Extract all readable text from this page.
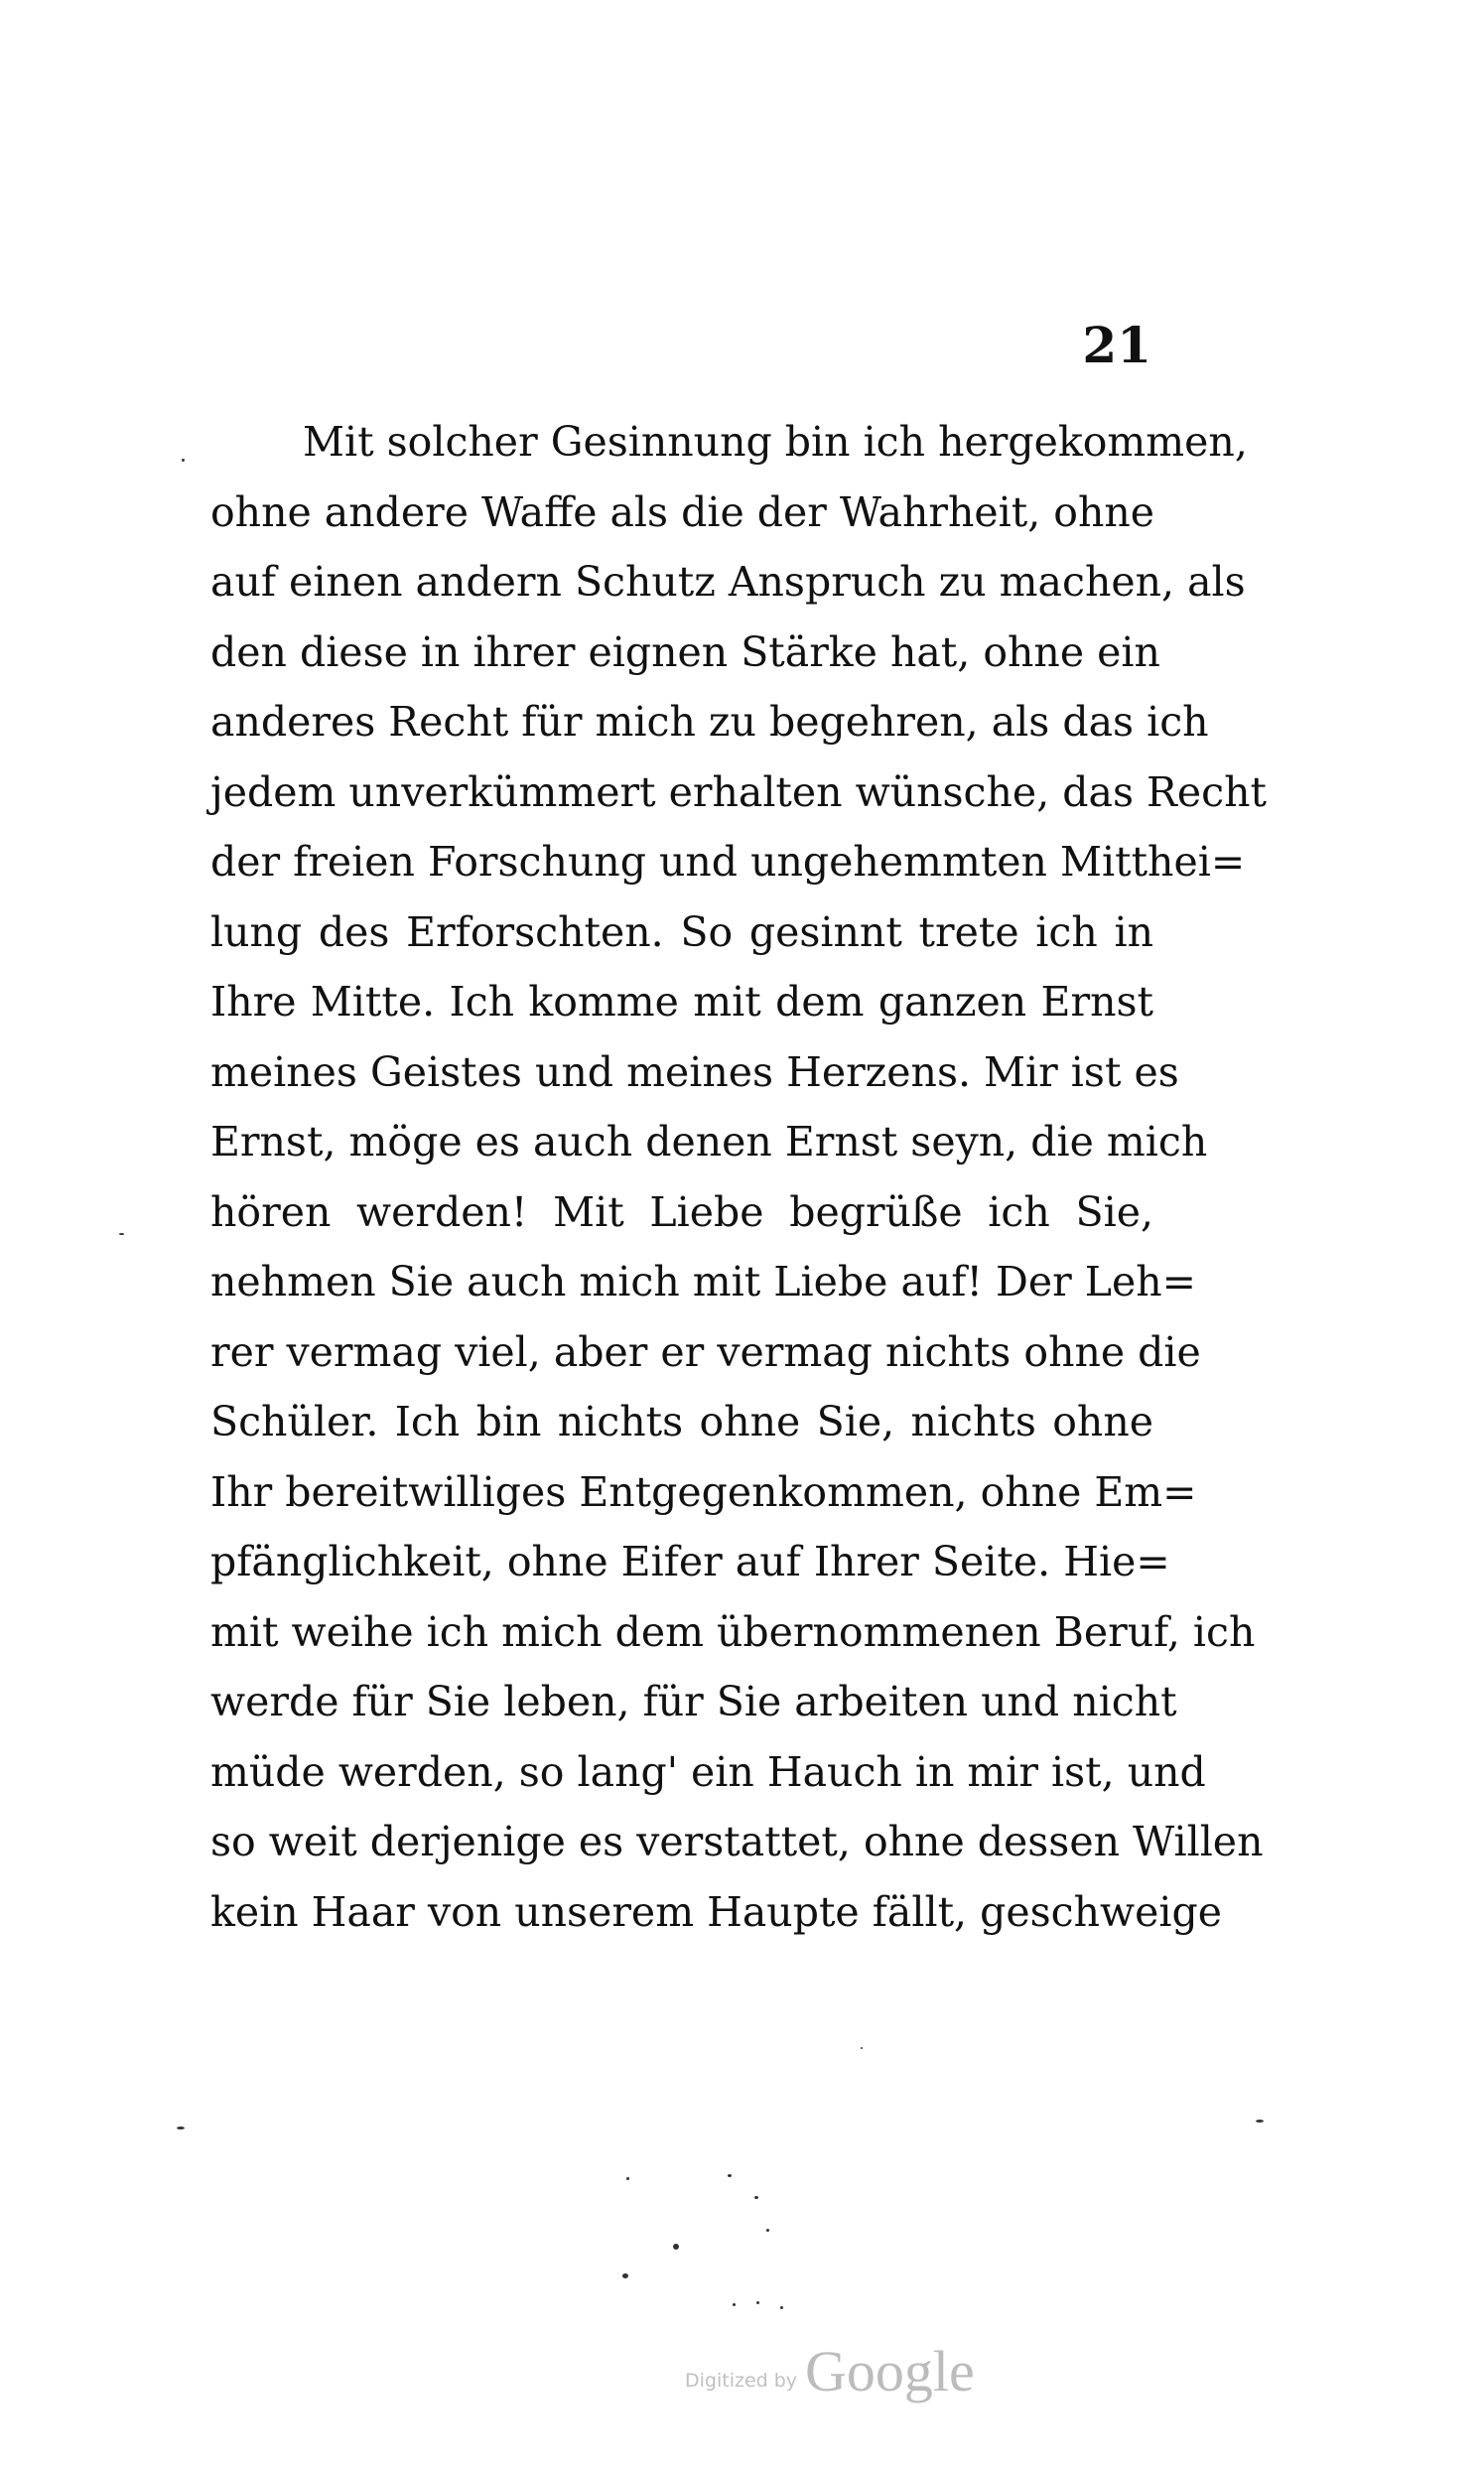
21
Mit solcher Gesinnung bin ich hergekommen,
ohne andere Waffe als die der Wahrheit, ohne
auf einen andern Schutz Anspruch zu machen, als
den diese in ihrer eignen Stärke hat, ohne ein
anderes Recht für mich zu begehren, als das ich
jedem unverkümmert erhalten wünsche, das Recht
der freien Forschung und ungehemmten Mitthei=
lung des Erforschten. So gesinnt trete ich in
Ihre Mitte. Ich komme mit dem ganzen Ernst
meines Geistes und meines Herzens. Mir ist es
Ernst, möge es auch denen Ernst seyn, die mich
hören werden! Mit Liebe begrüße ich Sie,
nehmen Sie auch mich mit Liebe auf! Der Leh=
rer vermag viel, aber er vermag nichts ohne die
Schüler. Ich bin nichts ohne Sie, nichts ohne
Ihr bereitwilliges Entgegenkommen, ohne Em=
pfänglichkeit, ohne Eifer auf Ihrer Seite. Hie=
mit weihe ich mich dem übernommenen Beruf, ich
werde für Sie leben, für Sie arbeiten und nicht
müde werden, so lang' ein Hauch in mir ist, und
so weit derjenige es verstattet, ohne dessen Willen
kein Haar von unserem Haupte fällt, geschweige
Digitized by Google
